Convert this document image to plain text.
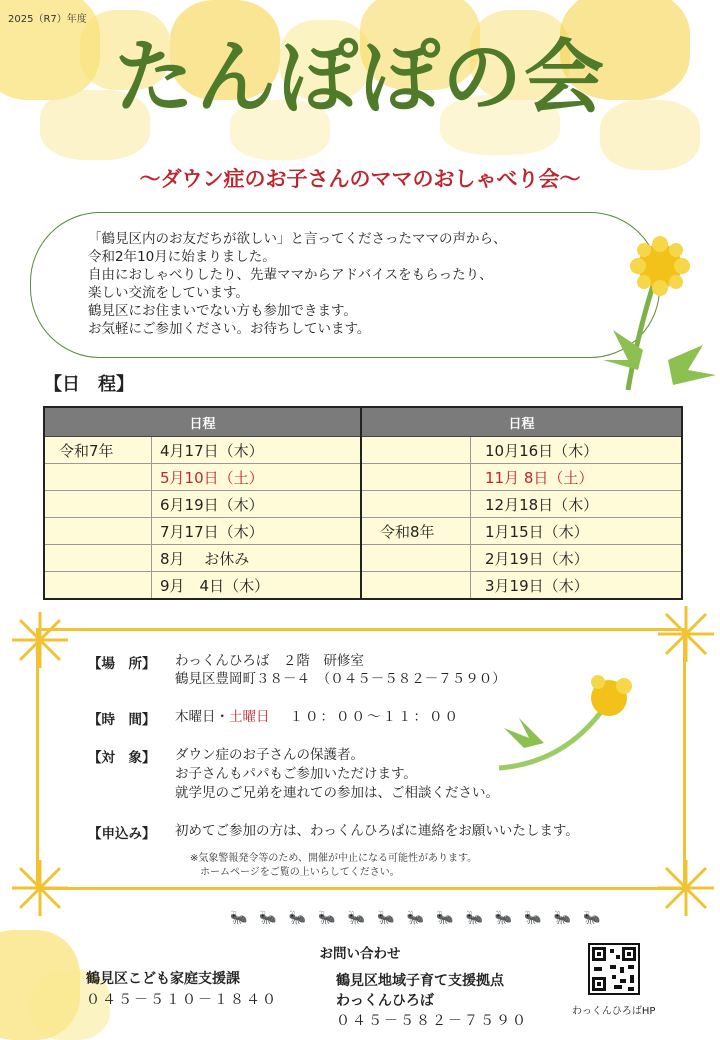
2025（R7）年度
たんぽぽの会
～ダウン症のお子さんのママのおしゃべり会～
「鶴見区内のお友だちが欲しい」と言ってくださったママの声から、
令和2年10月に始まりました。
自由におしゃべりしたり、先輩ママからアドバイスをもらったり、
楽しい交流をしています。
鶴見区にお住まいでない方も参加できます。
お気軽にご参加ください。お待ちしています。
【日　程】
日程		日程	
令和7年	4月17日（木）		10月16日（木）
	5月10日（土）		11月 8日（土）
	6月19日（木）		12月18日（木）
	7月17日（木）	令和8年	1月15日（木）
	8月　 お休み		2月19日（木）
	9月　4日（木）		3月19日（木）
【場　所】 わっくんひろば　２階　研修室
鶴見区豊岡町３８－４　（０４５－５８２－７５９０）
【時　間】 木曜日・土曜日 １０：００～１１：００
【対　象】 ダウン症のお子さんの保護者。
お子さんもパパもご参加いただけます。
就学児のご兄弟を連れての参加は、ご相談ください。
【申込み】 初めてご参加の方は、わっくんひろばに連絡をお願いいたします。
※気象警報発令等のため、開催が中止になる可能性があります。
ホームページをご覧の上いらしてください。
🐜🐜🐜🐜🐜🐜🐜🐜🐜🐜🐜🐜🐜
お問い合わせ
鶴見区こども家庭支援課
０４５－５１０－１８４０
鶴見区地域子育て支援拠点
わっくんひろば
０４５－５８２－７５９０
わっくんひろばHP
